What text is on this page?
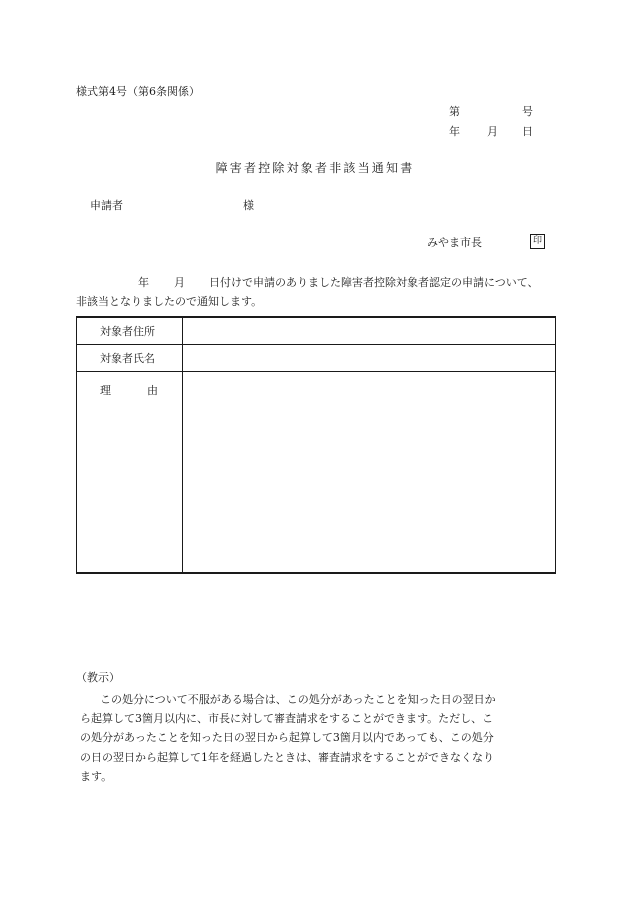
様式第4号（第6条関係）
第	号
年 月 日
障害者控除対象者非該当通知書
申請者	様
みやま市長	印
年 月 日付けで申請のありました障害者控除対象者認定の申請について、
非該当となりましたので通知します。
対象者住所	
対象者氏名	
理 由	
（教示）

この処分について不服がある場合は、この処分があったことを知った日の翌日か

ら起算して3箇月以内に、市長に対して審査請求をすることができます。ただし、こ

の処分があったことを知った日の翌日から起算して3箇月以内であっても、この処分

の日の翌日から起算して1年を経過したときは、審査請求をすることができなくなり

ます。
